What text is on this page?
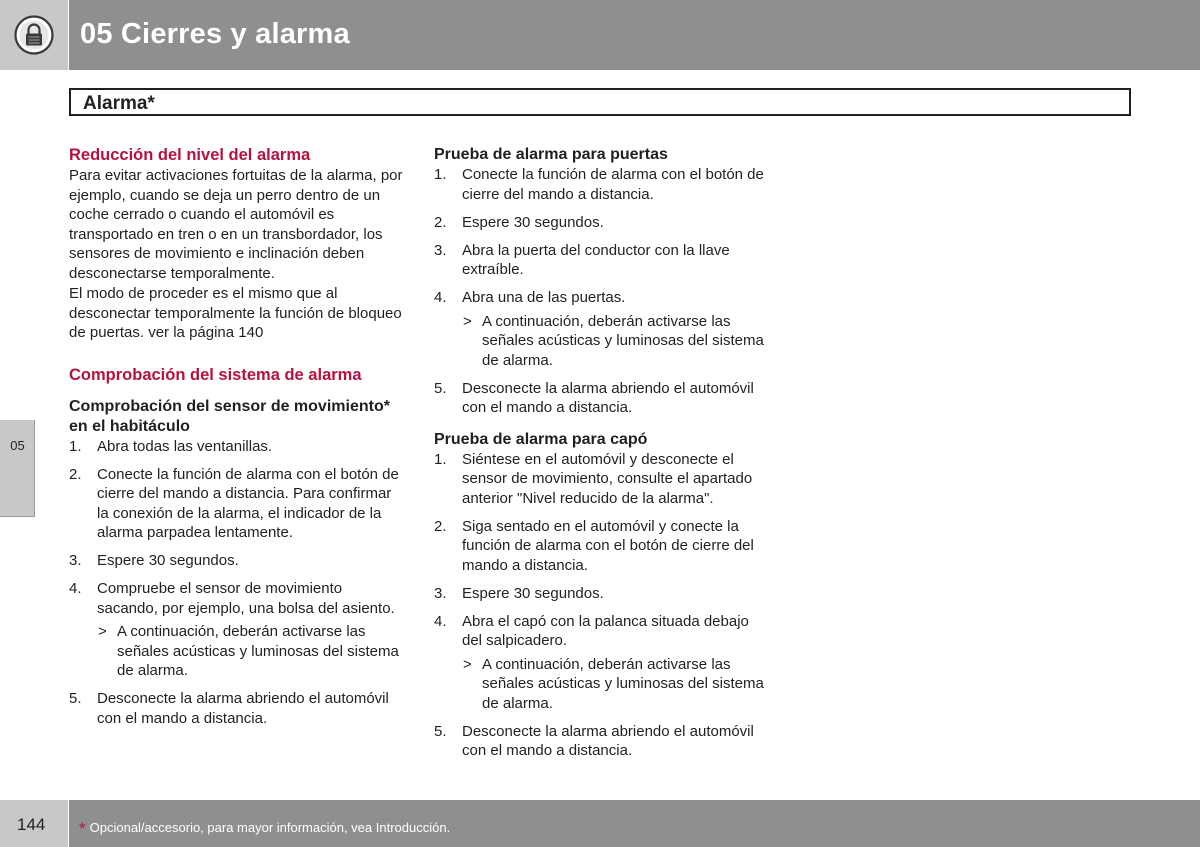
05 Cierres y alarma
Alarma*
05
Reducción del nivel del alarma

Para evitar activaciones fortuitas de la alarma, por ejemplo, cuando se deja un perro dentro de un coche cerrado o cuando el automóvil es transportado en tren o en un transbordador, los sensores de movimiento e inclinación deben desconectarse temporalmente.

El modo de proceder es el mismo que al desconectar temporalmente la función de bloqueo de puertas. ver la página 140

Comprobación del sistema de alarma
Comprobación del sensor de movimiento* en el habitáculo
1. Abra todas las ventanillas.
2. Conecte la función de alarma con el botón de cierre del mando a distancia. Para confirmar la conexión de la alarma, el indicador de la alarma parpadea lentamente.
3. Espere 30 segundos.
4. Compruebe el sensor de movimiento sacando, por ejemplo, una bolsa del asiento.
> A continuación, deberán activarse las señales acústicas y luminosas del sistema de alarma.
5. Desconecte la alarma abriendo el automóvil con el mando a distancia.
Prueba de alarma para puertas
1. Conecte la función de alarma con el botón de cierre del mando a distancia.
2. Espere 30 segundos.
3. Abra la puerta del conductor con la llave extraíble.
4. Abra una de las puertas.
> A continuación, deberán activarse las señales acústicas y luminosas del sistema de alarma.
5. Desconecte la alarma abriendo el automóvil con el mando a distancia.
Prueba de alarma para capó
1. Siéntese en el automóvil y desconecte el sensor de movimiento, consulte el apartado anterior "Nivel reducido de la alarma".
2. Siga sentado en el automóvil y conecte la función de alarma con el botón de cierre del mando a distancia.
3. Espere 30 segundos.
4. Abra el capó con la palanca situada debajo del salpicadero.
> A continuación, deberán activarse las señales acústicas y luminosas del sistema de alarma.
5. Desconecte la alarma abriendo el automóvil con el mando a distancia.
144 * Opcional/accesorio, para mayor información, vea Introducción.
